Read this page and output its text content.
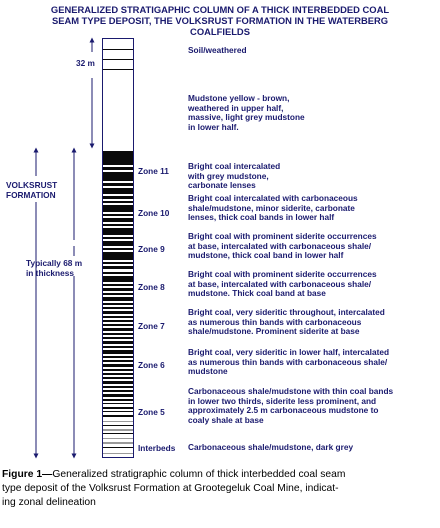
GENERALIZED STRATIGAPHIC COLUMN OF A THICK INTERBEDDED COAL
SEAM TYPE DEPOSIT, THE VOLKSRUST FORMATION IN THE WATERBERG
COALFIELDS
32 m
VOLKSRUST
FORMATION
Typically 68 m
in thickness
Soil/weathered
Mudstone yellow - brown,
weathered in upper half,
massive, light grey mudstone
in lower half.
Zone 11 Bright coal intercalated
with grey mudstone,
carbonate lenses
Zone 10
Bright coal intercalated with carbonaceous
shale/mudstone, minor siderite, carbonate
lenses, thick coal bands in lower half
Zone 9
Bright coal with prominent siderite occurrences
at base, intercalated with carbonaceous shale/
mudstone, thick coal band in lower half
Zone 8
Bright coal with prominent siderite occurrences
at base, intercalated with carbonaceous shale/
mudstone. Thick coal band at base
Zone 7
Bright coal, very sideritic throughout, intercalated
as numerous thin bands with carbonaceous
shale/mudstone. Prominent siderite at base
Zone 6
Bright coal, very sideritic in lower half, intercalated
as numerous thin bands with carbonaceous shale/
mudstone
Zone 5
Carbonaceous shale/mudstone with thin coal bands
in lower two thirds, siderite less prominent, and
approximately 2.5 m carbonaceous mudstone to
coaly shale at base
Interbeds Carbonaceous shale/mudstone, dark grey
Figure 1—Generalized stratigraphic column of thick interbedded coal seam
type deposit of the Volksrust Formation at Grootegeluk Coal Mine, indicat-
ing zonal delineation
